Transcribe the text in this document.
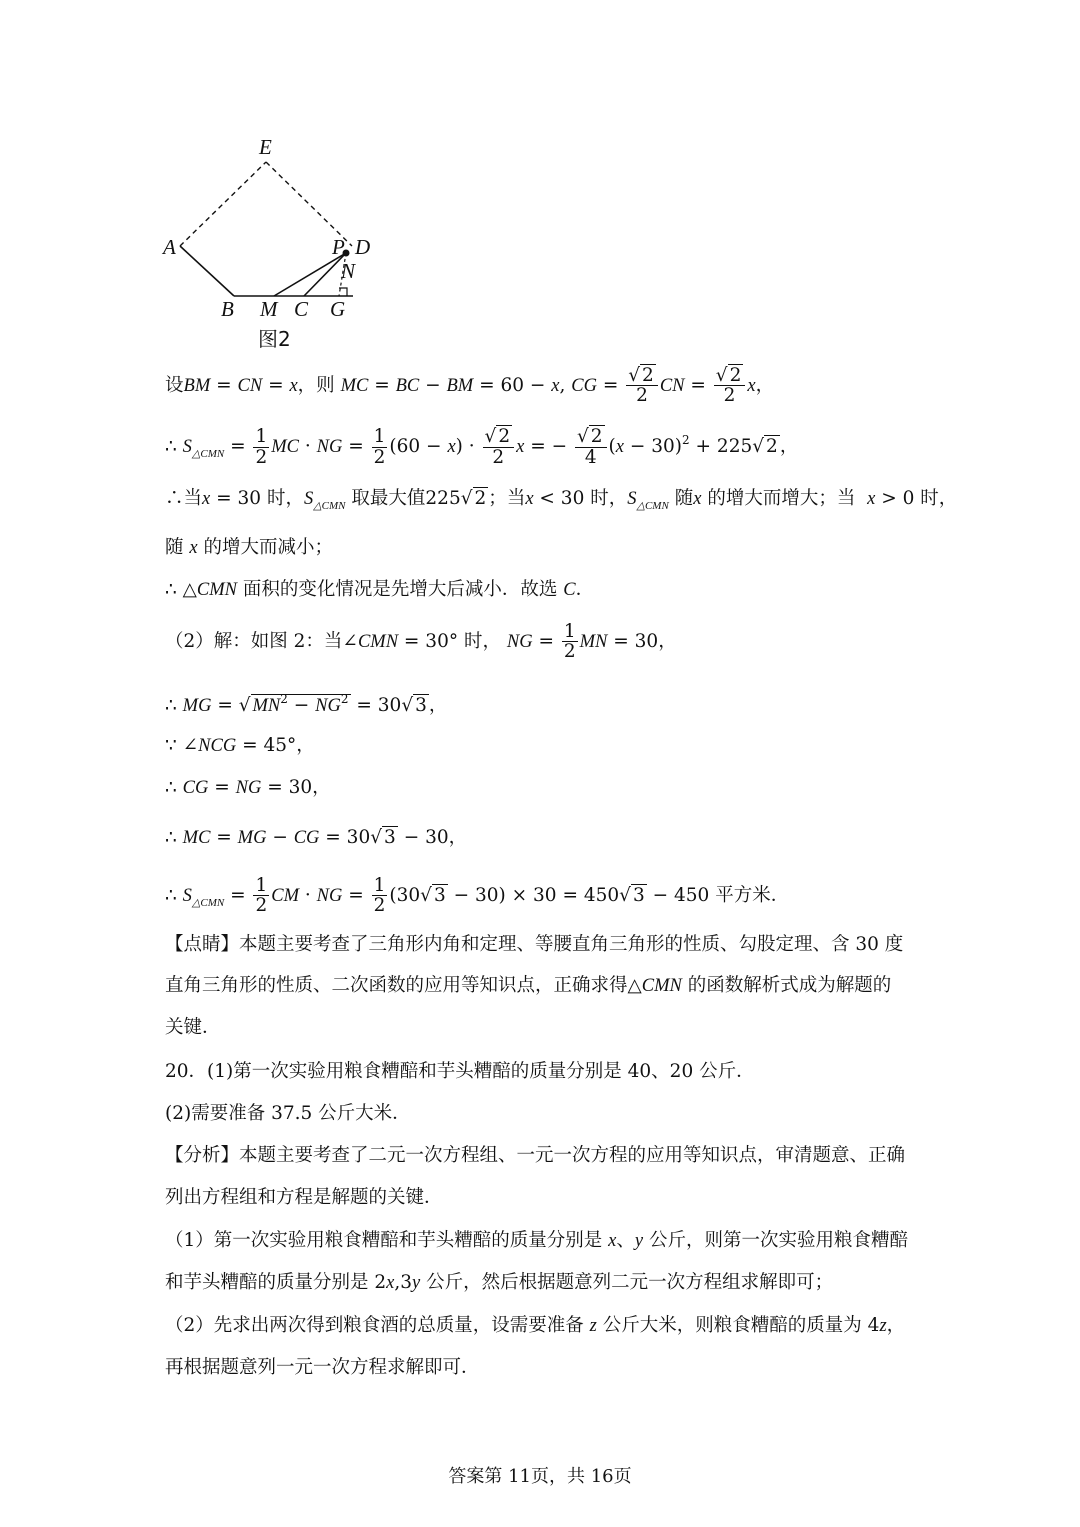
E
A	P D
N
B M C G
图2
设BM = CN = x，则 MC = BC − BM = 60 − x, CG = $\frac{√ 2}{2}$ CN = $\frac{√ 2}{2}$ x，
∴ $S_{\triangle CMN} = \frac{1}{2}$ MC · NG = $\frac{1}{2} (60 - x) \cdot \frac{√ 2}{2}$ x = − $\frac{√ 2}{4} (x - 30)^2 + 225√$ 2 ，
∴当x = 30 时，$S_{\triangle CMN}$ 取最大值225√ 2 ；当x < 30 时，$S_{\triangle CMN}$ 随x 的增大而增大；当 x > 0 时，
随 x 的增大而减小；
∴ △CMN 面积的变化情况是先增大后减小．故选 C．
（2）解：如图 2：当∠CMN = 30° 时， NG = $\frac{1}{2}$ MN = 30，
∴ MG = √ $MN^2 - NG^2 = 30√$ 3 ，
∵ ∠NCG = 45°，
∴ CG = NG = 30，
∴ MC = MG − CG = 30√ 3 − 30，
∴ $S_{\triangle CMN} = \frac{1}{2}$ CM · NG = $\frac{1}{2} (30√$ 3 − 30) × 30 = 450√ 3 − 450 平方米．
【点睛】本题主要考查了三角形内角和定理、等腰直角三角形的性质、勾股定理、含 30 度
直角三角形的性质、二次函数的应用等知识点，正确求得△CMN 的函数解析式成为解题的
关键．
20．(1)第一次实验用粮食糟醅和芋头糟醅的质量分别是 40、20 公斤．
(2)需要准备 37.5 公斤大米．
【分析】本题主要考查了二元一次方程组、一元一次方程的应用等知识点，审清题意、正确
列出方程组和方程是解题的关键．
（1）第一次实验用粮食糟醅和芋头糟醅的质量分别是 x、y 公斤，则第一次实验用粮食糟醅
和芋头糟醅的质量分别是 2x,3y 公斤，然后根据题意列二元一次方程组求解即可；
（2）先求出两次得到粮食酒的总质量，设需要准备 z 公斤大米，则粮食糟醅的质量为 4z，
再根据题意列一元一次方程求解即可．
答案第 11页，共 16页
